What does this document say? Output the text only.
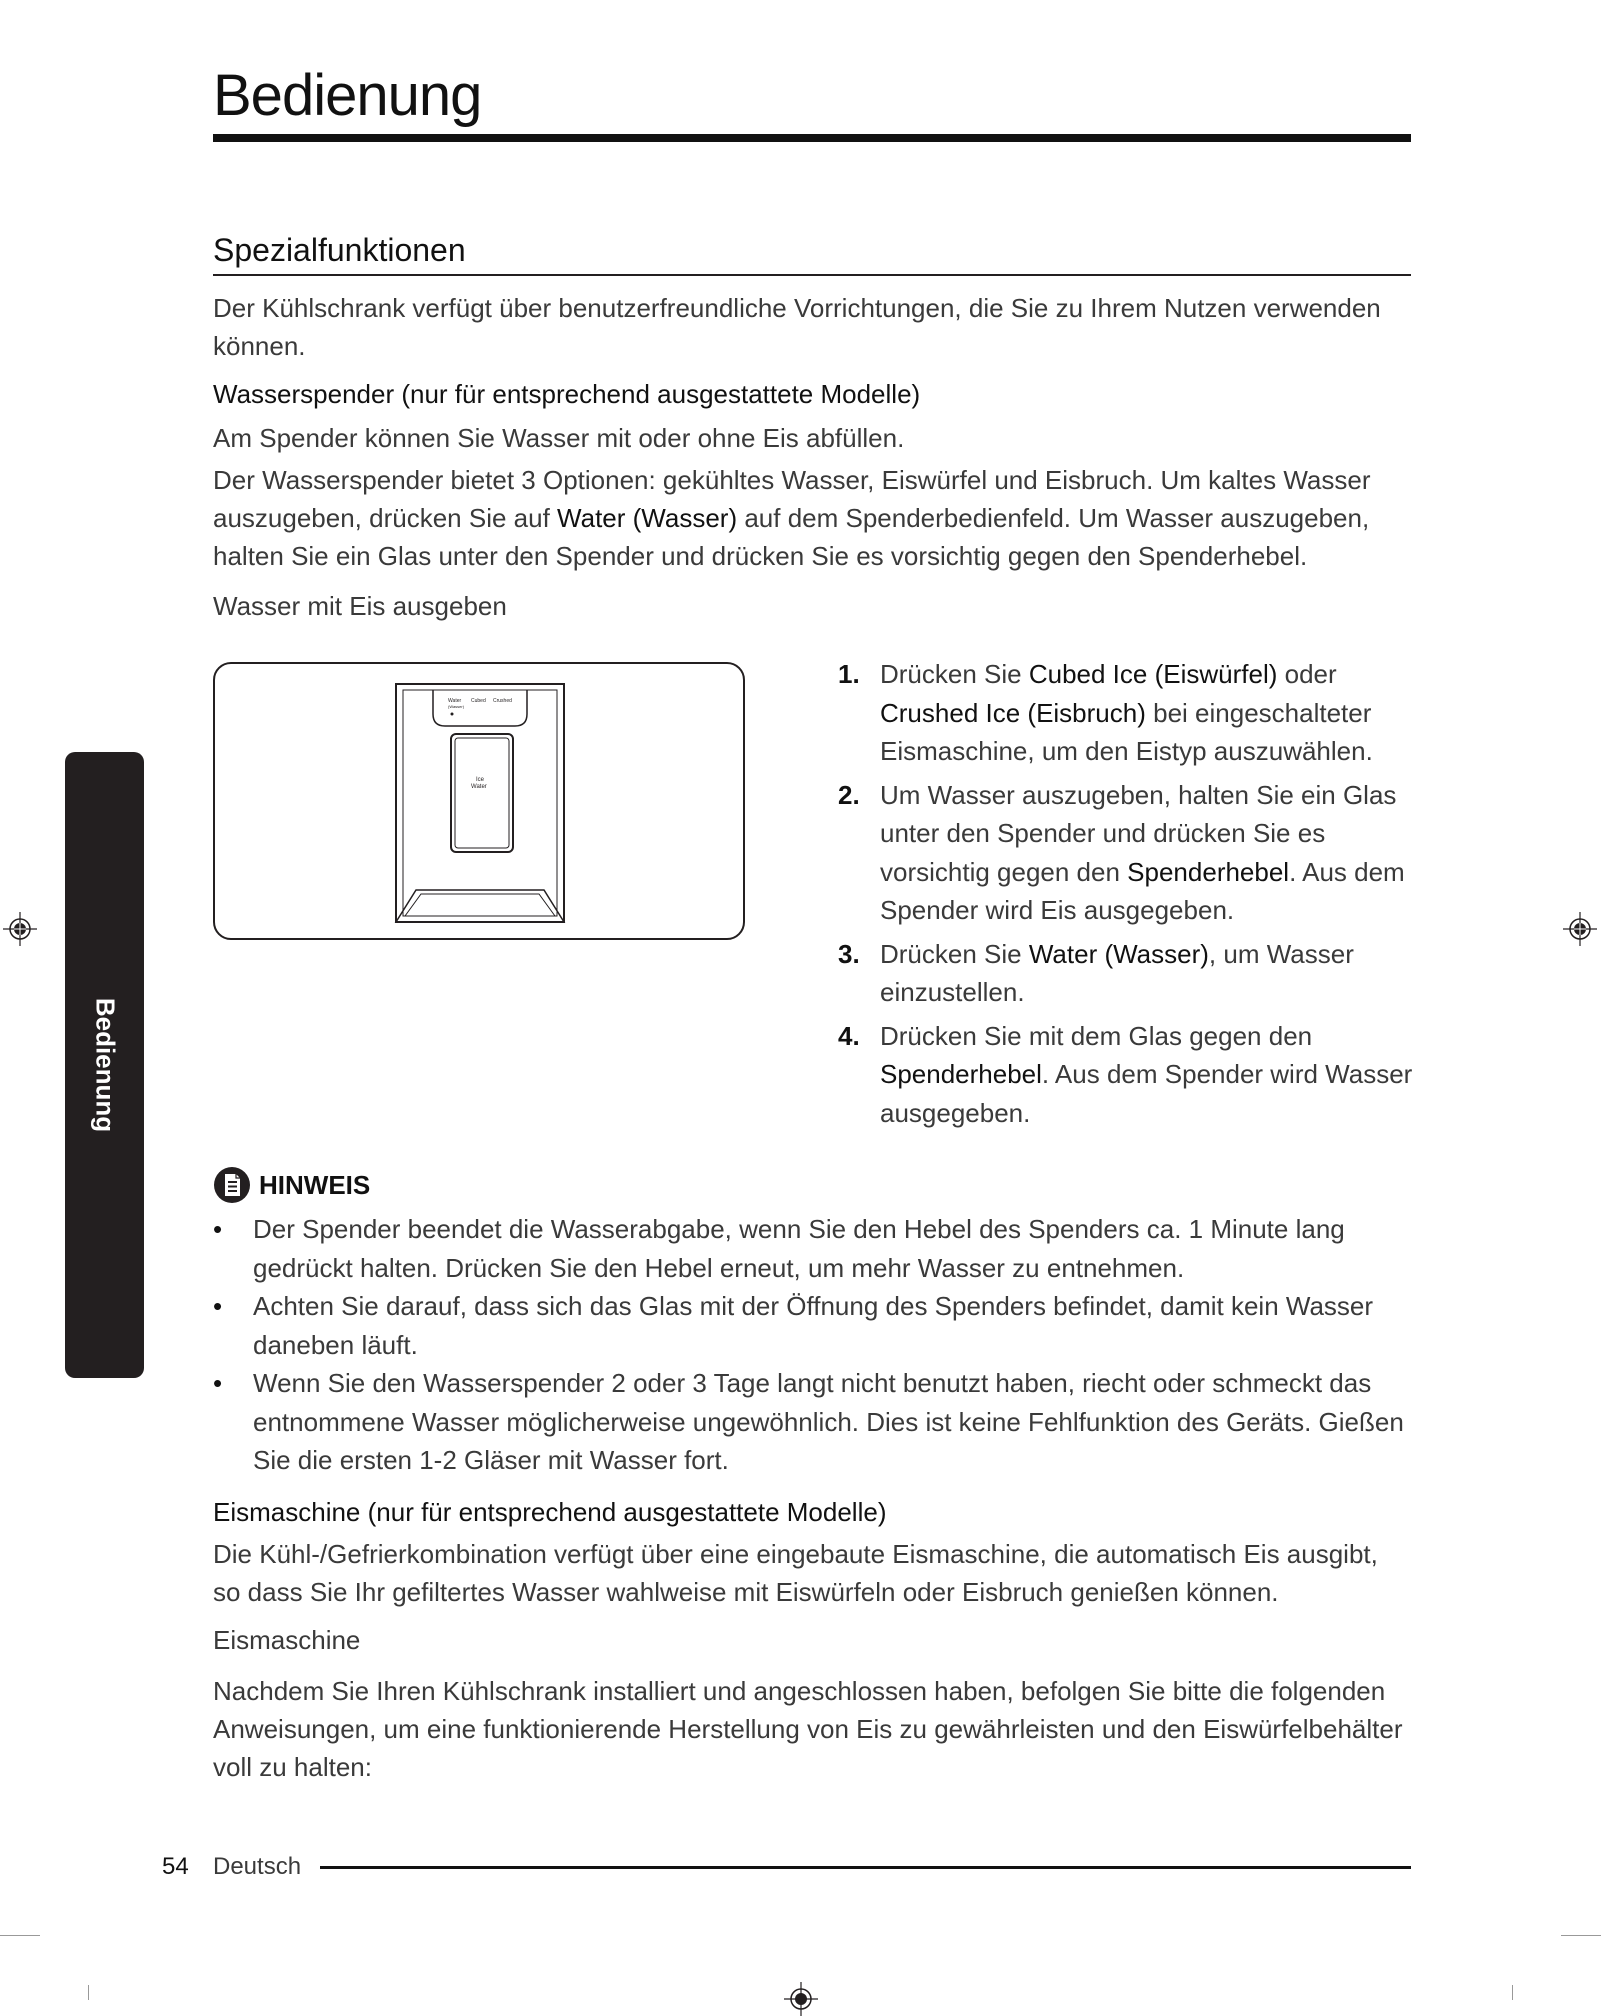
Bedienung
Spezialfunktionen

Der Kühlschrank verfügt über benutzerfreundliche Vorrichtungen, die Sie zu Ihrem Nutzen verwenden können.

Wasserspender (nur für entsprechend ausgestattete Modelle)

Am Spender können Sie Wasser mit oder ohne Eis abfüllen.

Der Wasserspender bietet 3 Optionen: gekühltes Wasser, Eiswürfel und Eisbruch. Um kaltes Wasser auszugeben, drücken Sie auf Water (Wasser) auf dem Spenderbedienfeld. Um Wasser auszugeben, halten Sie ein Glas unter den Spender und drücken Sie es vorsichtig gegen den Spenderhebel.

Wasser mit Eis ausgeben

Water
(Wasser)
Cubed Crushed
Ice
Water
1. Drücken Sie Cubed Ice (Eiswürfel) oder Crushed Ice (Eisbruch) bei eingeschalteter Eismaschine, um den Eistyp auszuwählen.
2. Um Wasser auszugeben, halten Sie ein Glas unter den Spender und drücken Sie es vorsichtig gegen den Spenderhebel. Aus dem Spender wird Eis ausgegeben.
3. Drücken Sie Water (Wasser), um Wasser einzustellen.
4. Drücken Sie mit dem Glas gegen den Spenderhebel. Aus dem Spender wird Wasser ausgegeben.
HINWEIS
• Der Spender beendet die Wasserabgabe, wenn Sie den Hebel des Spenders ca. 1 Minute lang gedrückt halten. Drücken Sie den Hebel erneut, um mehr Wasser zu entnehmen.
• Achten Sie darauf, dass sich das Glas mit der Öffnung des Spenders befindet, damit kein Wasser daneben läuft.
• Wenn Sie den Wasserspender 2 oder 3 Tage langt nicht benutzt haben, riecht oder schmeckt das entnommene Wasser möglicherweise ungewöhnlich. Dies ist keine Fehlfunktion des Geräts. Gießen Sie die ersten 1-2 Gläser mit Wasser fort.

Eismaschine (nur für entsprechend ausgestattete Modelle)

Die Kühl-/Gefrierkombination verfügt über eine eingebaute Eismaschine, die automatisch Eis ausgibt, so dass Sie Ihr gefiltertes Wasser wahlweise mit Eiswürfeln oder Eisbruch genießen können.

Eismaschine

Nachdem Sie Ihren Kühlschrank installiert und angeschlossen haben, befolgen Sie bitte die folgenden Anweisungen, um eine funktionierende Herstellung von Eis zu gewährleisten und den Eiswürfelbehälter voll zu halten:

Bedienung
54 Deutsch
